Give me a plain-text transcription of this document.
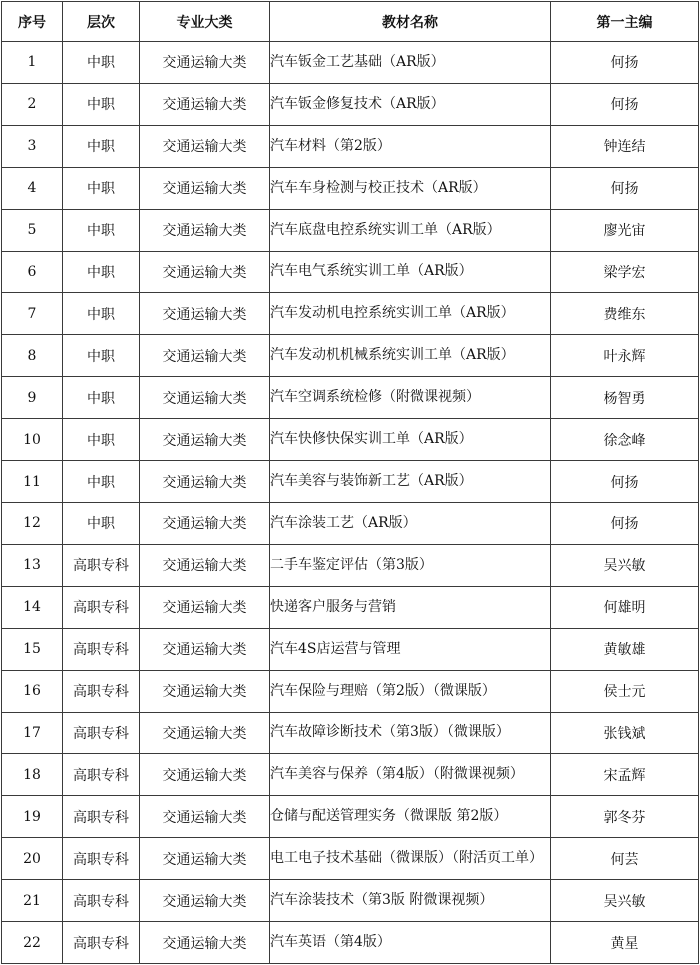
序号	层次	专业大类	教材名称	第一主编
1	中职	交通运输大类	汽车钣金工艺基础（AR版）	何扬
2	中职	交通运输大类	汽车钣金修复技术（AR版）	何扬
3	中职	交通运输大类	汽车材料（第2版）	钟连结
4	中职	交通运输大类	汽车车身检测与校正技术（AR版）	何扬
5	中职	交通运输大类	汽车底盘电控系统实训工单（AR版）	廖光宙
6	中职	交通运输大类	汽车电气系统实训工单（AR版）	梁学宏
7	中职	交通运输大类	汽车发动机电控系统实训工单（AR版）	费维东
8	中职	交通运输大类	汽车发动机机械系统实训工单（AR版）	叶永辉
9	中职	交通运输大类	汽车空调系统检修（附微课视频）	杨智勇
10	中职	交通运输大类	汽车快修快保实训工单（AR版）	徐念峰
11	中职	交通运输大类	汽车美容与装饰新工艺（AR版）	何扬
12	中职	交通运输大类	汽车涂装工艺（AR版）	何扬
13	高职专科	交通运输大类	二手车鉴定评估（第3版）	吴兴敏
14	高职专科	交通运输大类	快递客户服务与营销	何雄明
15	高职专科	交通运输大类	汽车4S店运营与管理	黄敏雄
16	高职专科	交通运输大类	汽车保险与理赔（第2版）（微课版）	侯士元
17	高职专科	交通运输大类	汽车故障诊断技术（第3版）（微课版）	张钱斌
18	高职专科	交通运输大类	汽车美容与保养（第4版）（附微课视频）	宋孟辉
19	高职专科	交通运输大类	仓储与配送管理实务（微课版 第2版）	郭冬芬
20	高职专科	交通运输大类	电工电子技术基础（微课版）（附活页工单）	何芸
21	高职专科	交通运输大类	汽车涂装技术（第3版 附微课视频）	吴兴敏
22	高职专科	交通运输大类	汽车英语（第4版）	黄星
